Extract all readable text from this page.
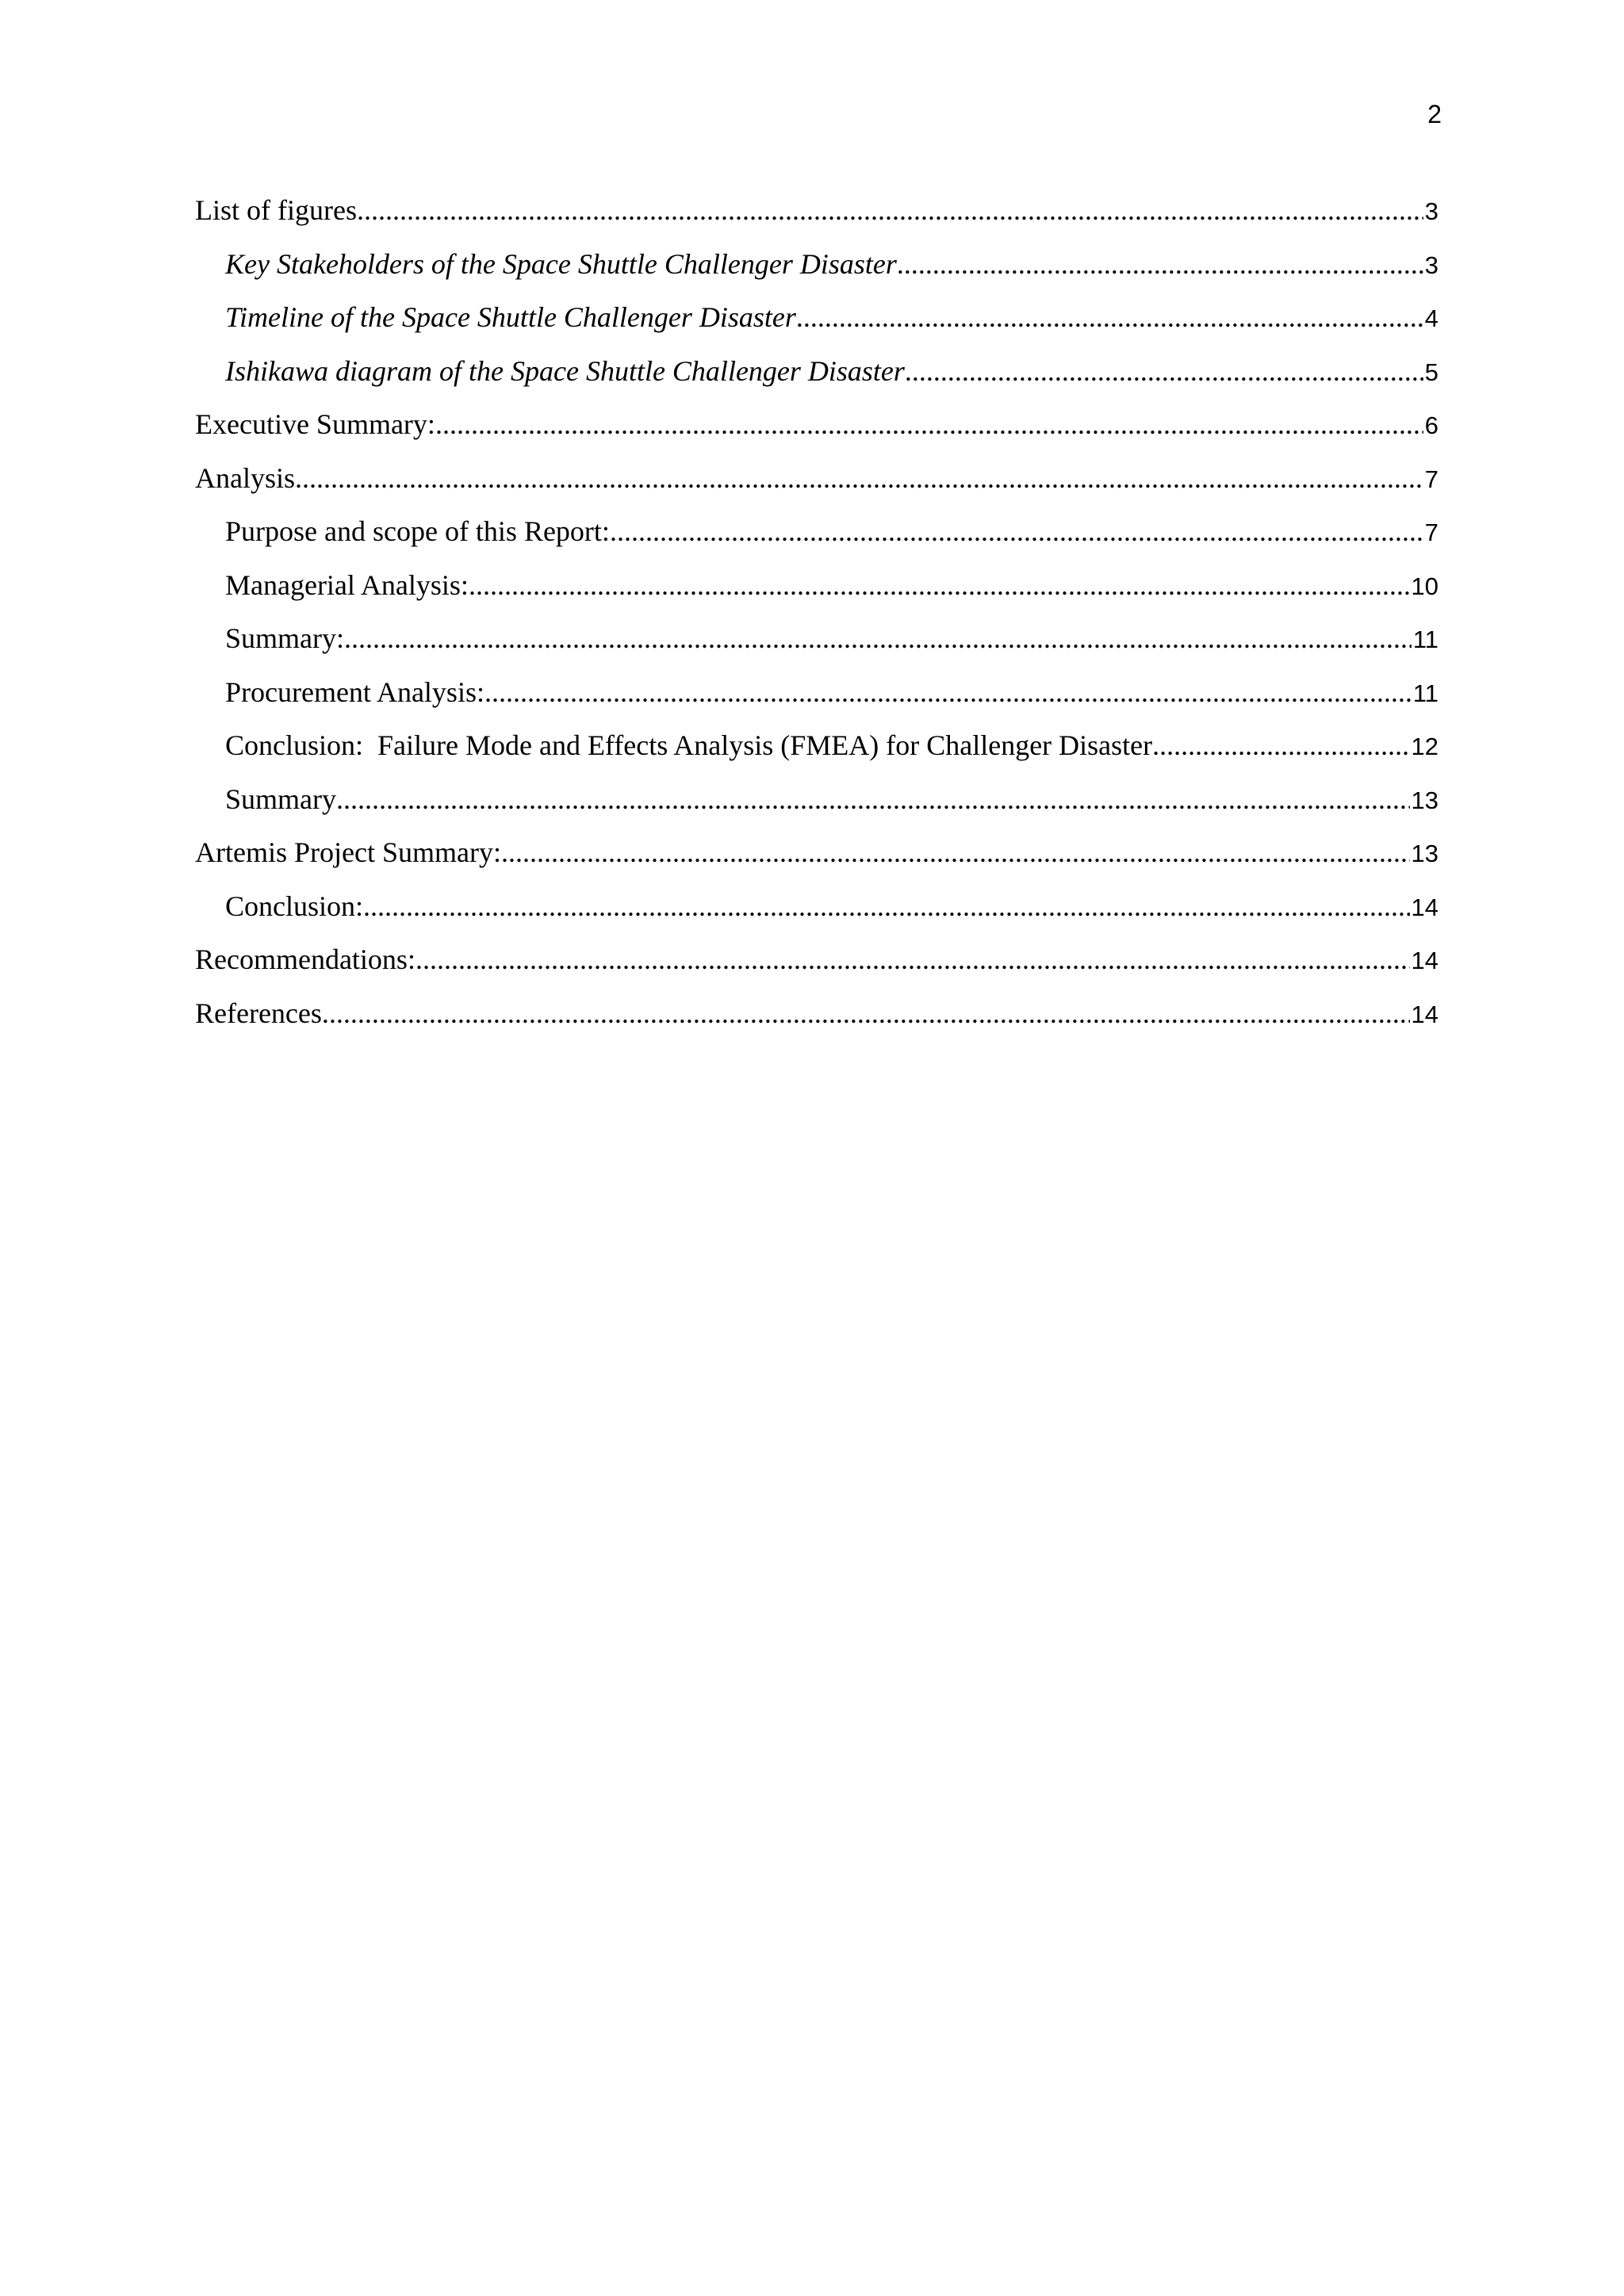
2
List of figures .....	3
Key Stakeholders of the Space Shuttle Challenger Disaster .....	3
Timeline of the Space Shuttle Challenger Disaster .....	4
Ishikawa diagram of the Space Shuttle Challenger Disaster .....	5
Executive Summary: .....	6
Analysis .....	7
Purpose and scope of this Report: .....	7
Managerial Analysis: .....	10
Summary: .....	11
Procurement Analysis: .....	11
Conclusion:  Failure Mode and Effects Analysis (FMEA) for Challenger Disaster .....	12
Summary .....	13
Artemis Project Summary: .....	13
Conclusion: .....	14
Recommendations: .....	14
References .....	14
